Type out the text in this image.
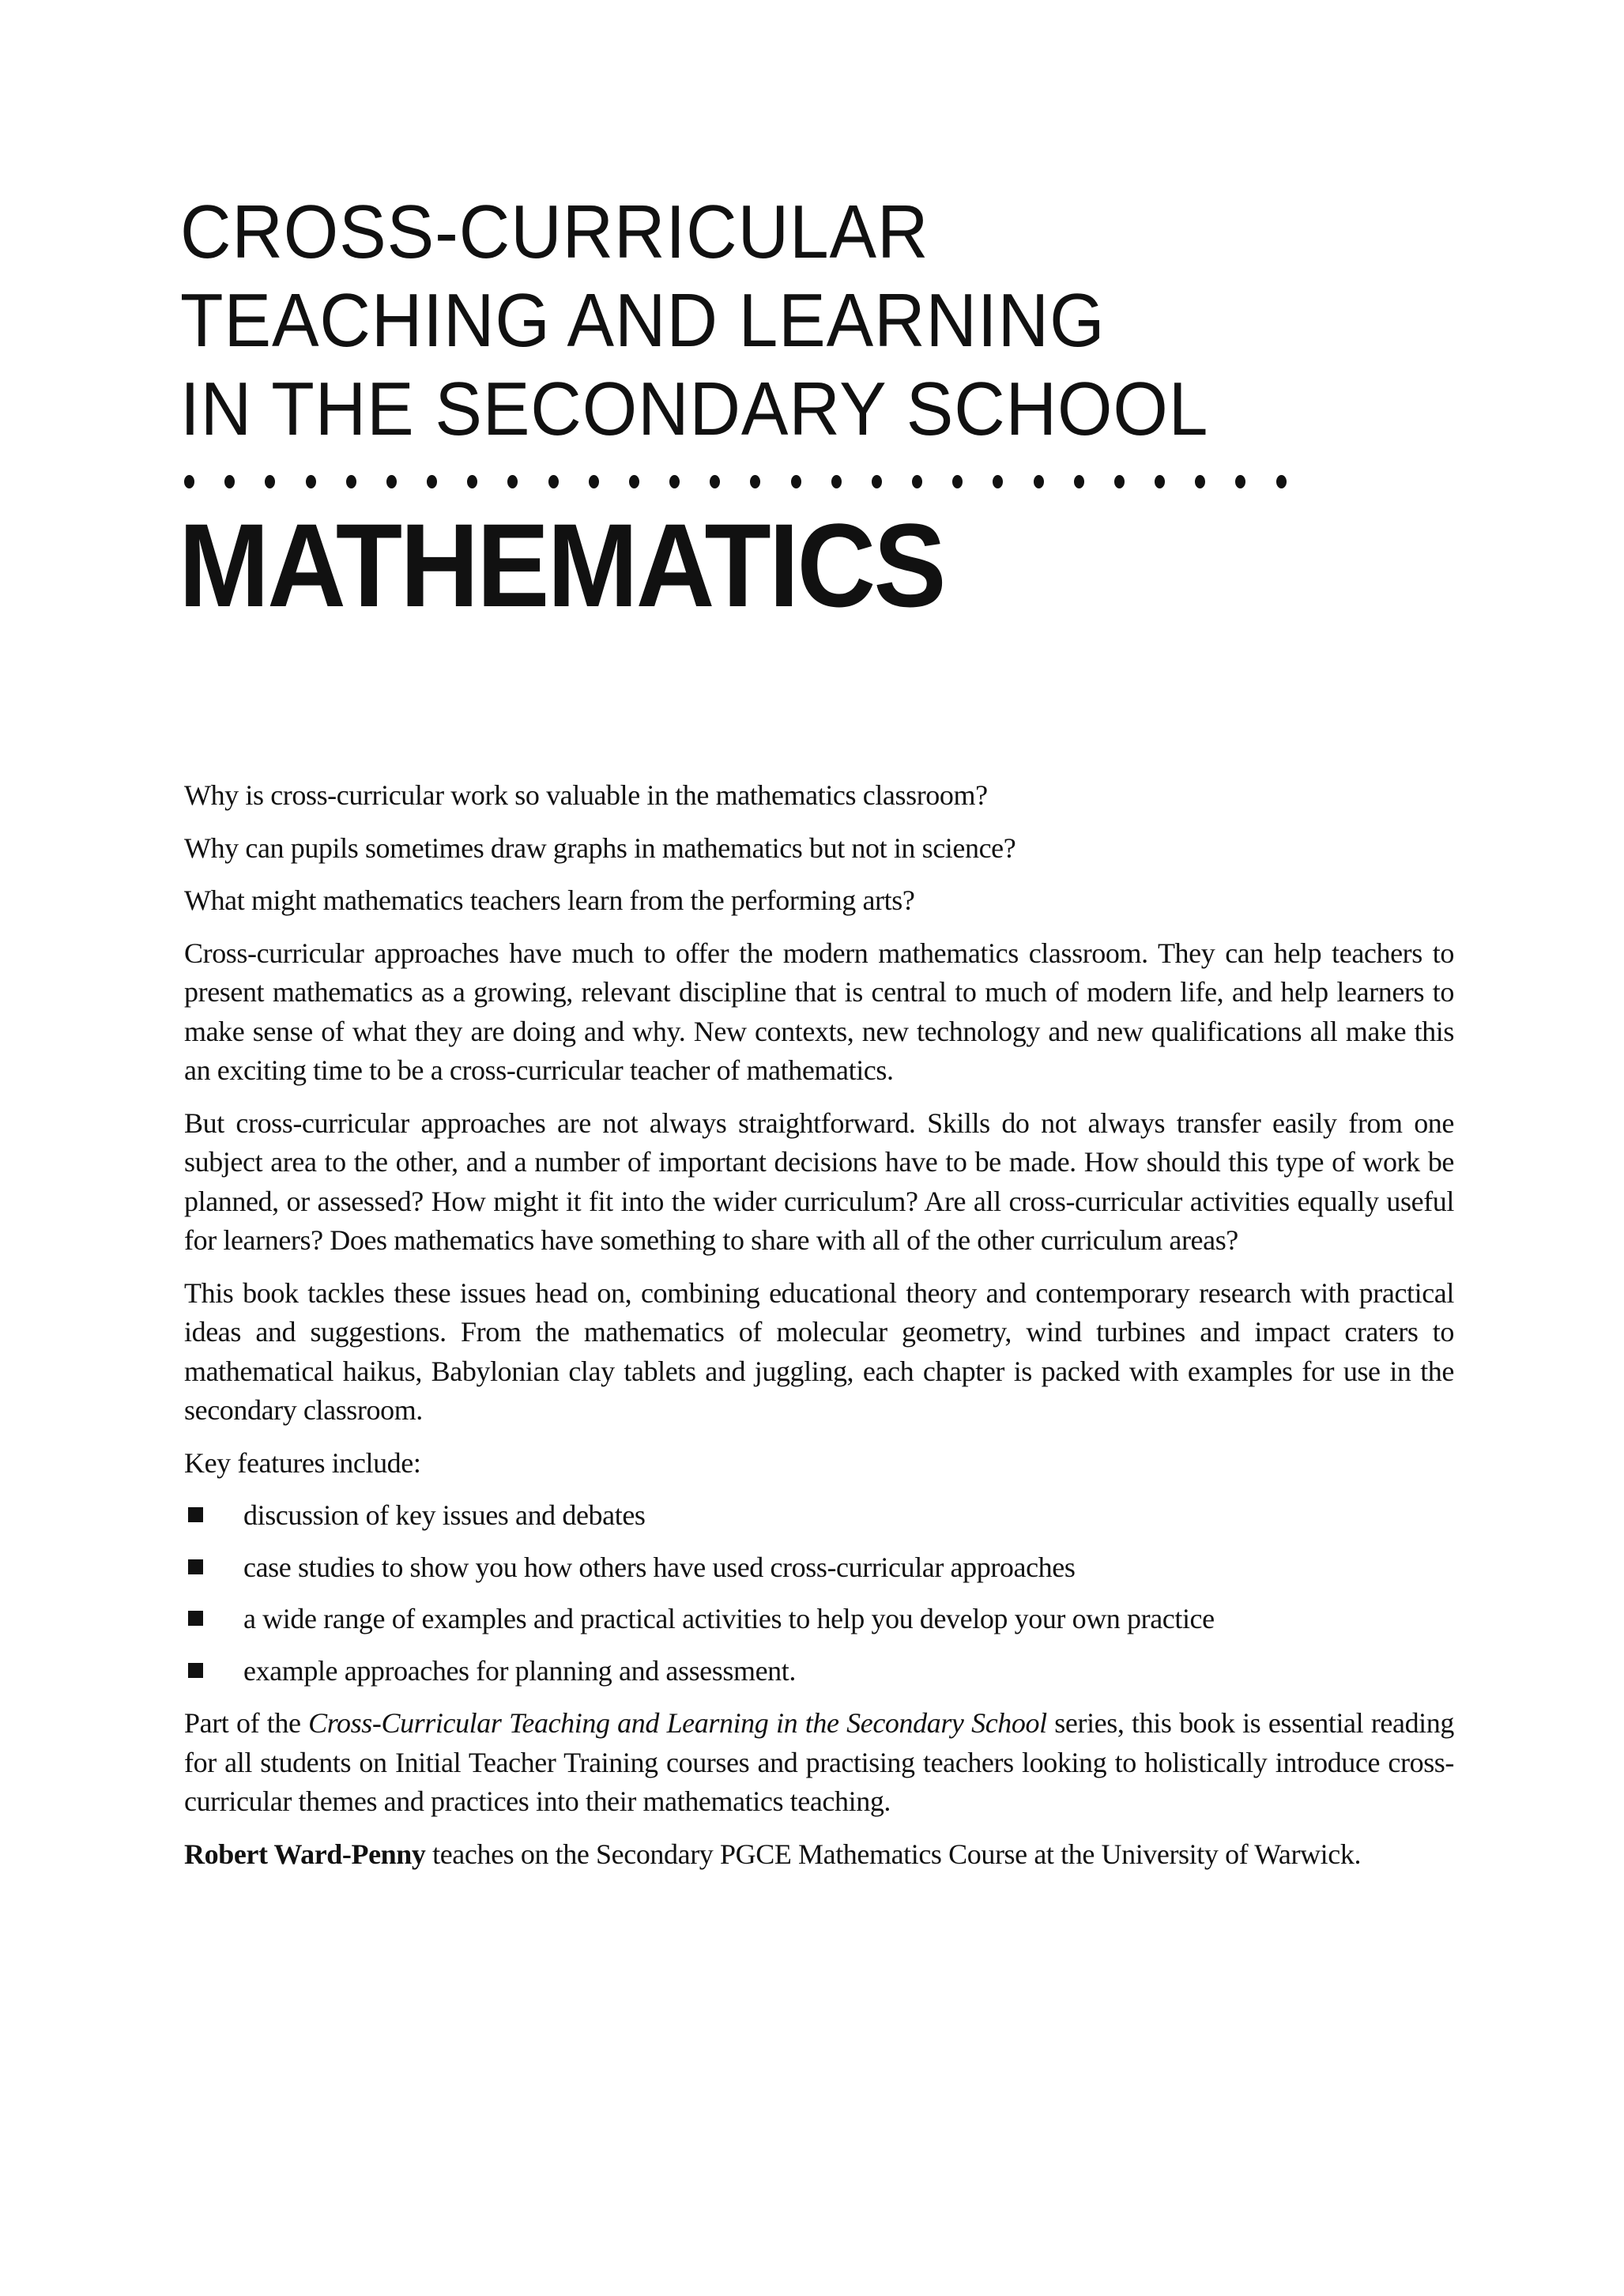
CROSS-CURRICULAR
TEACHING AND LEARNING
IN THE SECONDARY SCHOOL
MATHEMATICS

Why is cross-curricular work so valuable in the mathematics classroom?

Why can pupils sometimes draw graphs in mathematics but not in science?

What might mathematics teachers learn from the performing arts?

Cross-curricular approaches have much to offer the modern mathematics classroom. They can help teachers to present mathematics as a growing, relevant discipline that is central to much of modern life, and help learners to make sense of what they are doing and why. New contexts, new technology and new qualifications all make this an exciting time to be a cross-curricular teacher of mathematics.

But cross-curricular approaches are not always straightforward. Skills do not always transfer easily from one subject area to the other, and a number of important decisions have to be made. How should this type of work be planned, or assessed? How might it fit into the wider curriculum? Are all cross-curricular activities equally useful for learners? Does mathematics have something to share with all of the other curriculum areas?

This book tackles these issues head on, combining educational theory and contemporary research with practical ideas and suggestions. From the mathematics of molecular geometry, wind turbines and impact craters to mathematical haikus, Babylonian clay tablets and juggling, each chapter is packed with examples for use in the secondary classroom.

Key features include:

discussion of key issues and debates
case studies to show you how others have used cross-curricular approaches
a wide range of examples and practical activities to help you develop your own practice
example approaches for planning and assessment.

Part of the Cross-Curricular Teaching and Learning in the Secondary School series, this book is essential reading for all students on Initial Teacher Training courses and practising teachers looking to holistically introduce cross-curricular themes and practices into their mathematics teaching.

Robert Ward-Penny teaches on the Secondary PGCE Mathematics Course at the University of Warwick.
